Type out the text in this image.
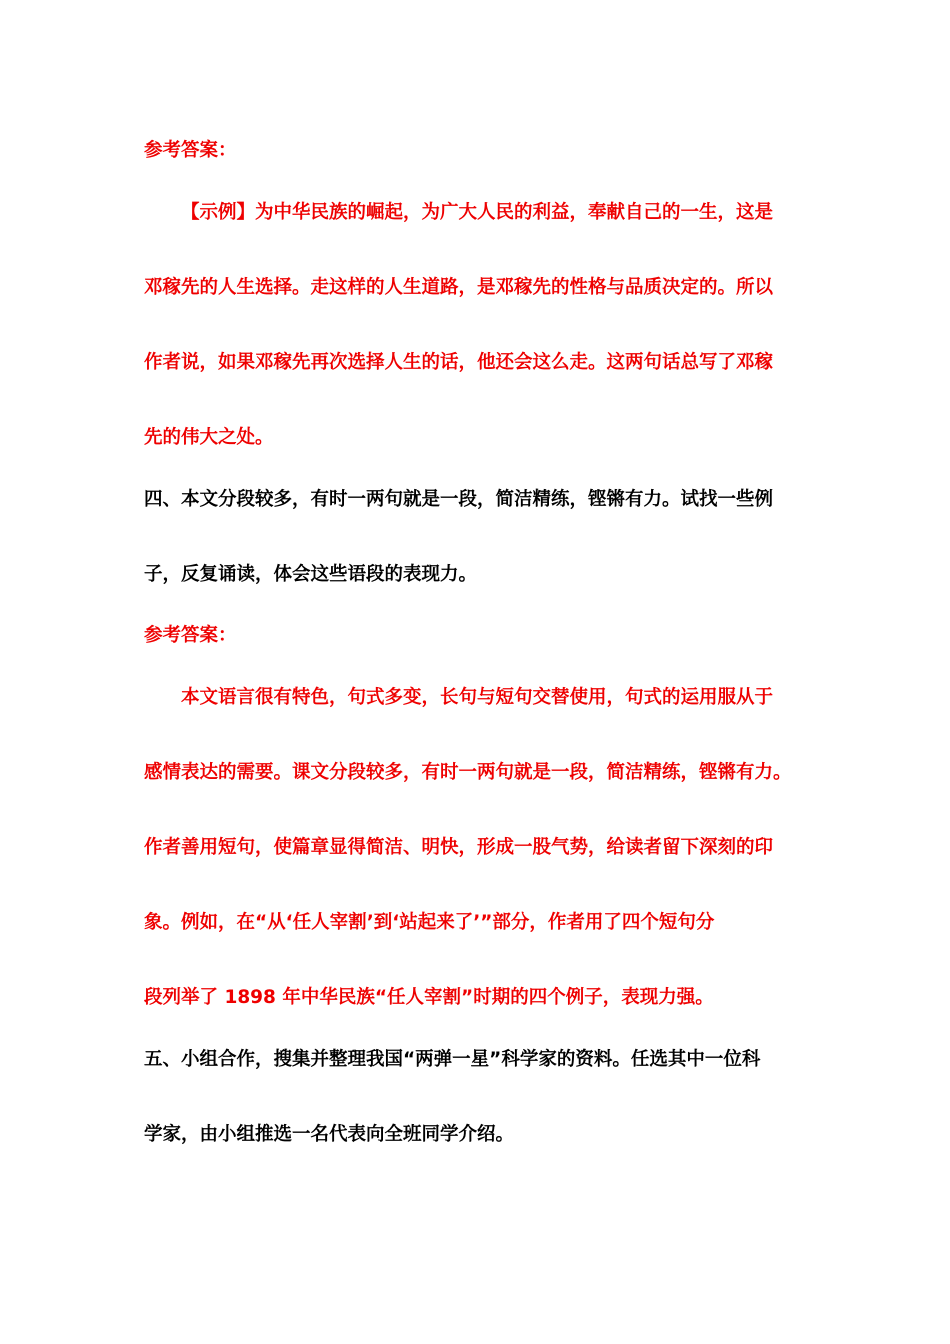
参考答案：
【示例】为中华民族的崛起，为广大人民的利益，奉献自己的一生，这是
邓稼先的人生选择。走这样的人生道路，是邓稼先的性格与品质决定的。所以
作者说，如果邓稼先再次选择人生的话，他还会这么走。这两句话总写了邓稼
先的伟大之处。
四、本文分段较多，有时一两句就是一段，简洁精练，铿锵有力。试找一些例
子，反复诵读，体会这些语段的表现力。
参考答案：
本文语言很有特色，句式多变，长句与短句交替使用，句式的运用服从于
感情表达的需要。课文分段较多，有时一两句就是一段，简洁精练，铿锵有力。
作者善用短句，使篇章显得简洁、明快，形成一股气势，给读者留下深刻的印
象。例如，在“从‘任人宰割’到‘站起来了’”部分，作者用了四个短句分
段列举了 1898 年中华民族“任人宰割”时期的四个例子，表现力强。
五、小组合作，搜集并整理我国“两弹一星”科学家的资料。任选其中一位科
学家，由小组推选一名代表向全班同学介绍。
